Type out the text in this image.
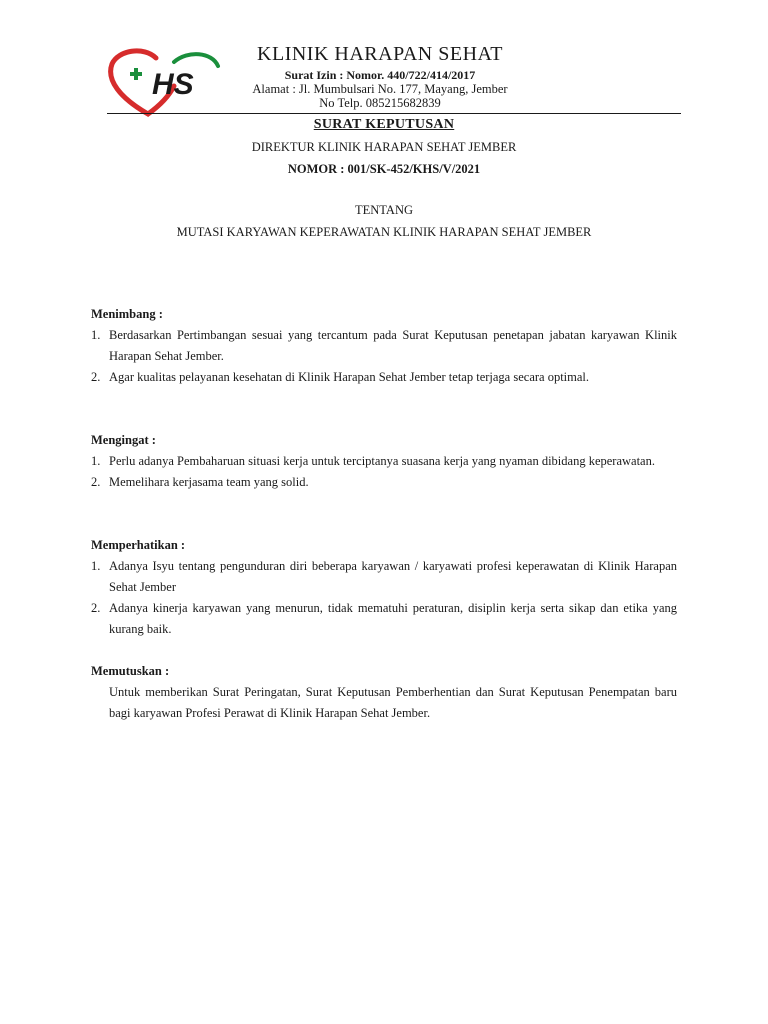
HS
KLINIK HARAPAN SEHAT
Surat Izin : Nomor. 440/722/414/2017
Alamat : Jl. Mumbulsari No. 177, Mayang, Jember
No Telp. 085215682839
SURAT KEPUTUSAN
DIREKTUR KLINIK HARAPAN SEHAT JEMBER
NOMOR : 001/SK-452/KHS/V/2021
TENTANG
MUTASI KARYAWAN KEPERAWATAN KLINIK HARAPAN SEHAT JEMBER
Menimbang :
1. Berdasarkan Pertimbangan sesuai yang tercantum pada Surat Keputusan penetapan jabatan karyawan Klinik Harapan Sehat Jember.
2. Agar kualitas pelayanan kesehatan di Klinik Harapan Sehat Jember tetap terjaga secara optimal.
Mengingat :
1. Perlu adanya Pembaharuan situasi kerja untuk terciptanya suasana kerja yang nyaman dibidang keperawatan.
2. Memelihara kerjasama team yang solid.
Memperhatikan :
1. Adanya Isyu tentang pengunduran diri beberapa karyawan / karyawati profesi keperawatan di Klinik Harapan Sehat Jember
2. Adanya kinerja karyawan yang menurun, tidak mematuhi peraturan, disiplin kerja serta sikap dan etika yang kurang baik.
Memutuskan :
Untuk memberikan Surat Peringatan, Surat Keputusan Pemberhentian dan Surat Keputusan Penempatan baru bagi karyawan Profesi Perawat di Klinik Harapan Sehat Jember.
